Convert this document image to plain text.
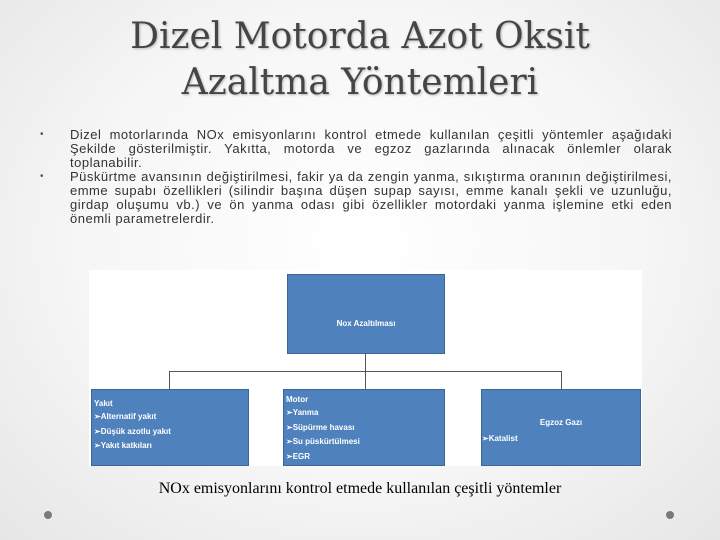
Dizel Motorda Azot Oksit
Azaltma Yöntemleri
• Dizel motorlarında NOx emisyonlarını kontrol etmede kullanılan çeşitli yöntemler aşağıdaki Şekilde gösterilmiştir. Yakıtta, motorda ve egzoz gazlarında alınacak önlemler olarak toplanabilir.
• Püskürtme avansının değiştirilmesi, fakir ya da zengin yanma, sıkıştırma oranının değiştirilmesi, emme supabı özellikleri (silindir başına düşen supap sayısı, emme kanalı şekli ve uzunluğu, girdap oluşumu vb.) ve ön yanma odası gibi özellikler motordaki yanma işlemine etki eden önemli parametrelerdir.
Nox Azaltılması
Yakıt
➢Alternatif yakıt
➢Düşük azotlu yakıt
➢Yakıt katkıları
Motor
➢Yanma
➢Süpürme havası
➢Su püskürtülmesi
➢EGR
Egzoz Gazı
➢Katalist
NOx emisyonlarını kontrol etmede kullanılan çeşitli yöntemler
